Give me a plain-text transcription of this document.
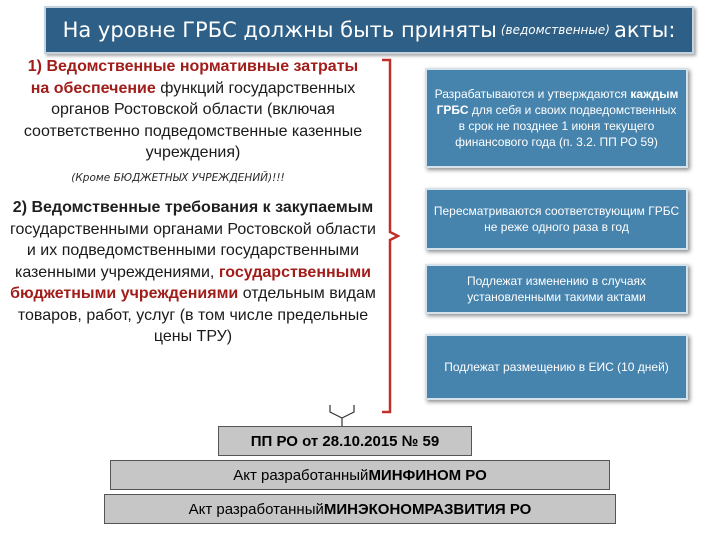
На уровне ГРБС должны быть приняты (ведомственные) акты:
1) Ведомственные нормативные затраты
на обеспечение функций государственных органов Ростовской области (включая соответственно подведомственные казенные учреждения)
(Кроме БЮДЖЕТНЫХ УЧРЕЖДЕНИЙ)!!!
2) Ведомственные требования к закупаемым государственными органами Ростовской области и их подведомственными государственными казенными учреждениями, государственными бюджетными учреждениями отдельным видам товаров, работ, услуг (в том числе предельные цены ТРУ)
Разрабатываются и утверждаются каждым ГРБС для себя и своих подведомственных в срок не позднее 1 июня текущего финансового года (п. 3.2. ПП РО 59)
Пересматриваются соответствующим ГРБС не реже одного раза в год
Подлежат изменению в случаях установленными такими актами
Подлежат размещению в ЕИС (10 дней)
ПП РО от 28.10.2015 № 59
Акт разработанный МИНФИНОМ РО
Акт разработанный МИНЭКОНОМРАЗВИТИЯ РО
